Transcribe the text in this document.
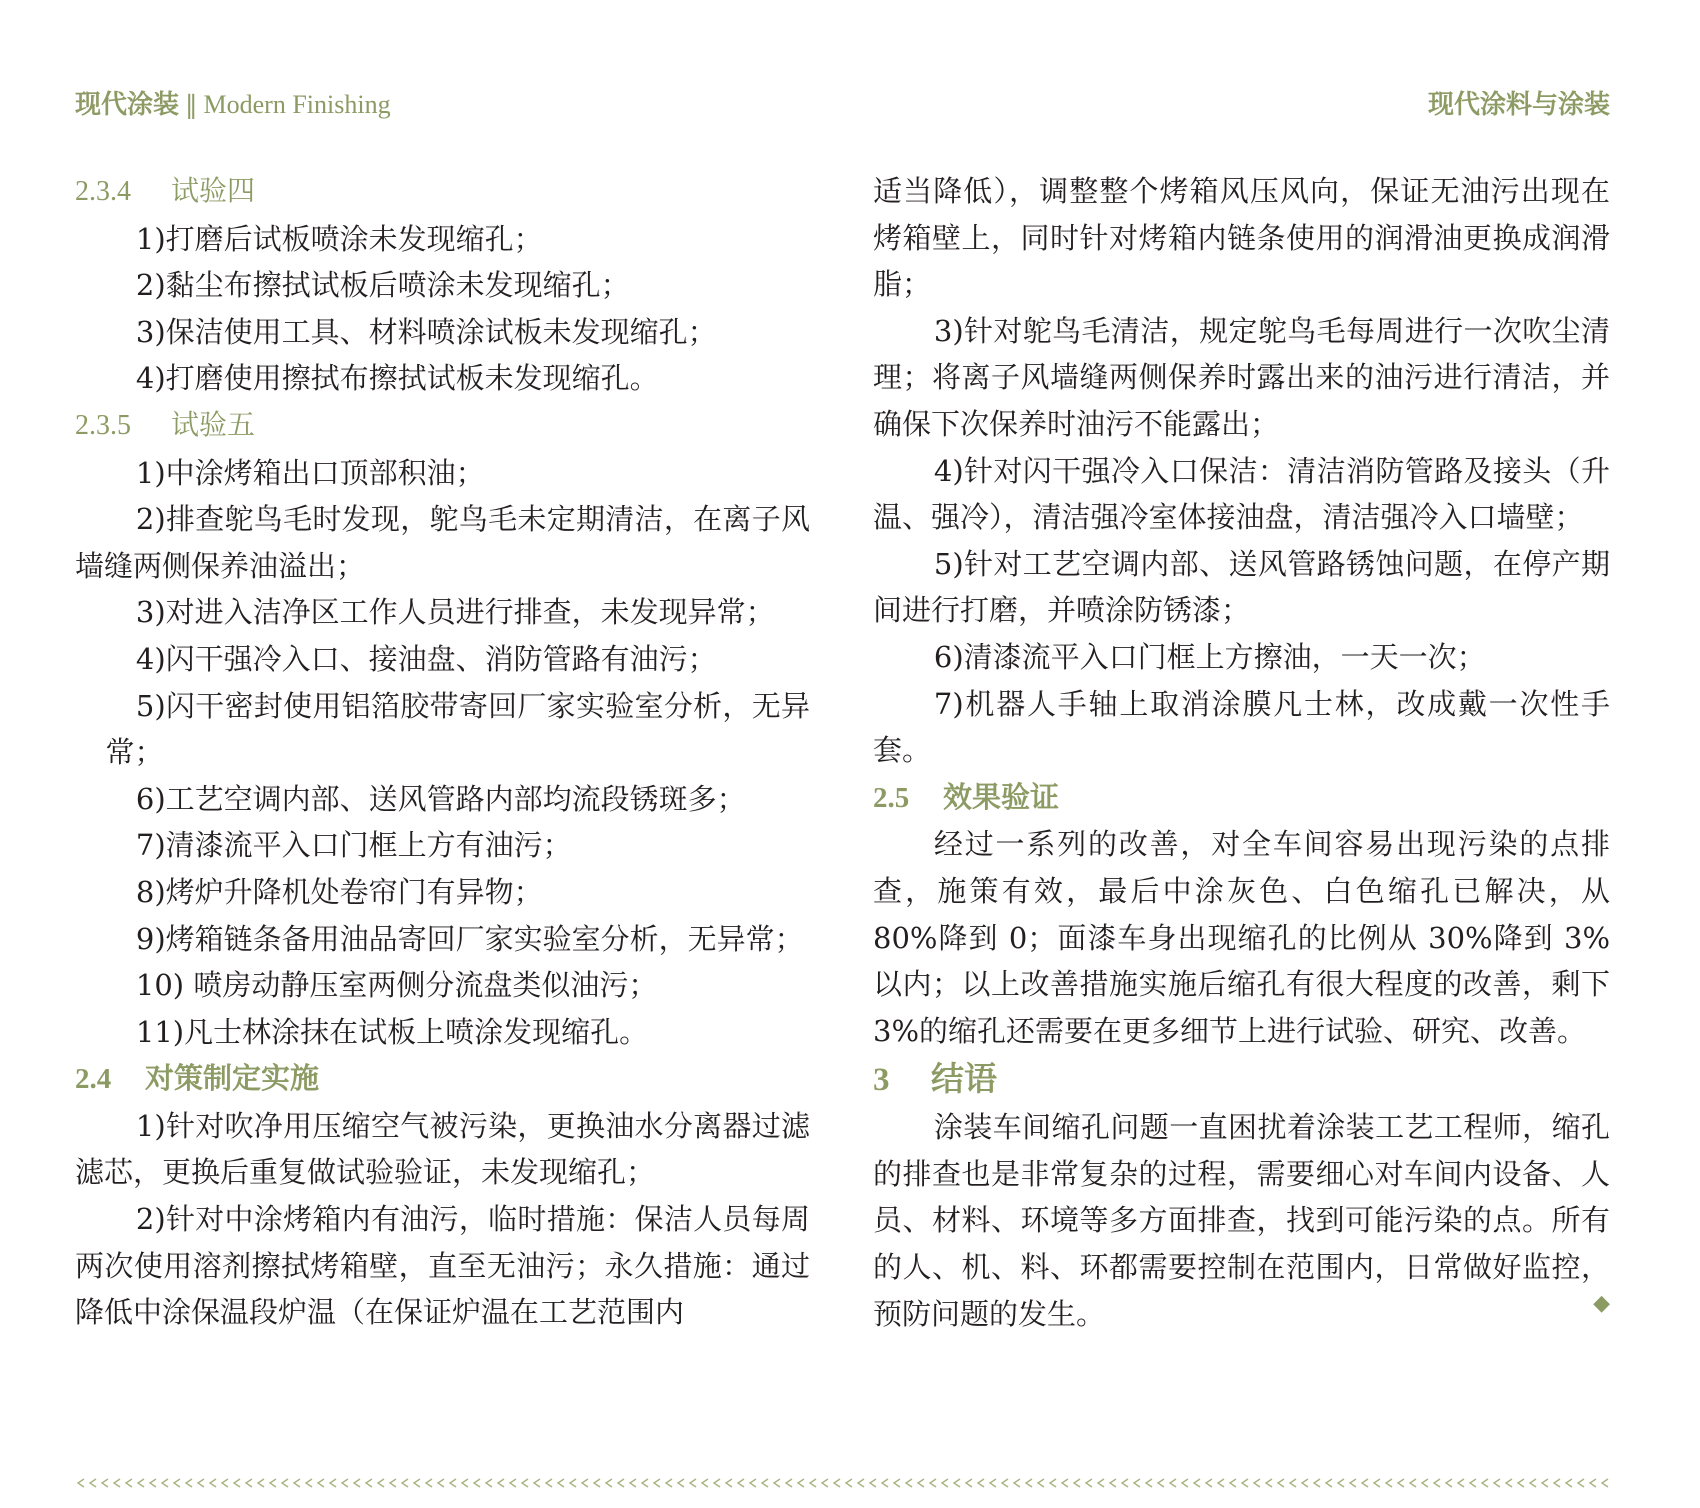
现代涂装 ‖ Modern Finishing	现代涂料与涂装

2.3.4 试验四

1)打磨后试板喷涂未发现缩孔；

2)黏尘布擦拭试板后喷涂未发现缩孔；

3)保洁使用工具、材料喷涂试板未发现缩孔；

4)打磨使用擦拭布擦拭试板未发现缩孔。

2.3.5 试验五

1)中涂烤箱出口顶部积油；

2)排查鸵鸟毛时发现，鸵鸟毛未定期清洁，在离子风墙缝两侧保养油溢出；

3)对进入洁净区工作人员进行排查，未发现异常；

4)闪干强冷入口、接油盘、消防管路有油污；

5)闪干密封使用铝箔胶带寄回厂家实验室分析，无异常；

6)工艺空调内部、送风管路内部均流段锈斑多；

7)清漆流平入口门框上方有油污；

8)烤炉升降机处卷帘门有异物；

9)烤箱链条备用油品寄回厂家实验室分析，无异常；

10) 喷房动静压室两侧分流盘类似油污；

11)凡士林涂抹在试板上喷涂发现缩孔。

2.4 对策制定实施

1)针对吹净用压缩空气被污染，更换油水分离器过滤滤芯，更换后重复做试验验证，未发现缩孔；

2)针对中涂烤箱内有油污，临时措施：保洁人员每周两次使用溶剂擦拭烤箱壁，直至无油污；永久措施：通过降低中涂保温段炉温（在保证炉温在工艺范围内

适当降低），调整整个烤箱风压风向，保证无油污出现在烤箱壁上，同时针对烤箱内链条使用的润滑油更换成润滑脂；

3)针对鸵鸟毛清洁，规定鸵鸟毛每周进行一次吹尘清理；将离子风墙缝两侧保养时露出来的油污进行清洁，并确保下次保养时油污不能露出；

4)针对闪干强冷入口保洁：清洁消防管路及接头（升温、强冷），清洁强冷室体接油盘，清洁强冷入口墙壁；

5)针对工艺空调内部、送风管路锈蚀问题，在停产期间进行打磨，并喷涂防锈漆；

6)清漆流平入口门框上方擦油，一天一次；

7)机器人手轴上取消涂膜凡士林，改成戴一次性手套。

2.5 效果验证

经过一系列的改善，对全车间容易出现污染的点排查，施策有效，最后中涂灰色、白色缩孔已解决，从 80%降到 0；面漆车身出现缩孔的比例从 30%降到 3%以内；以上改善措施实施后缩孔有很大程度的改善，剩下 3%的缩孔还需要在更多细节上进行试验、研究、改善。

3 结语

涂装车间缩孔问题一直困扰着涂装工艺工程师，缩孔的排查也是非常复杂的过程，需要细心对车间内设备、人员、材料、环境等多方面排查，找到可能污染的点。所有的人、机、料、环都需要控制在范围内，日常做好监控，预防问题的发生。	◆
